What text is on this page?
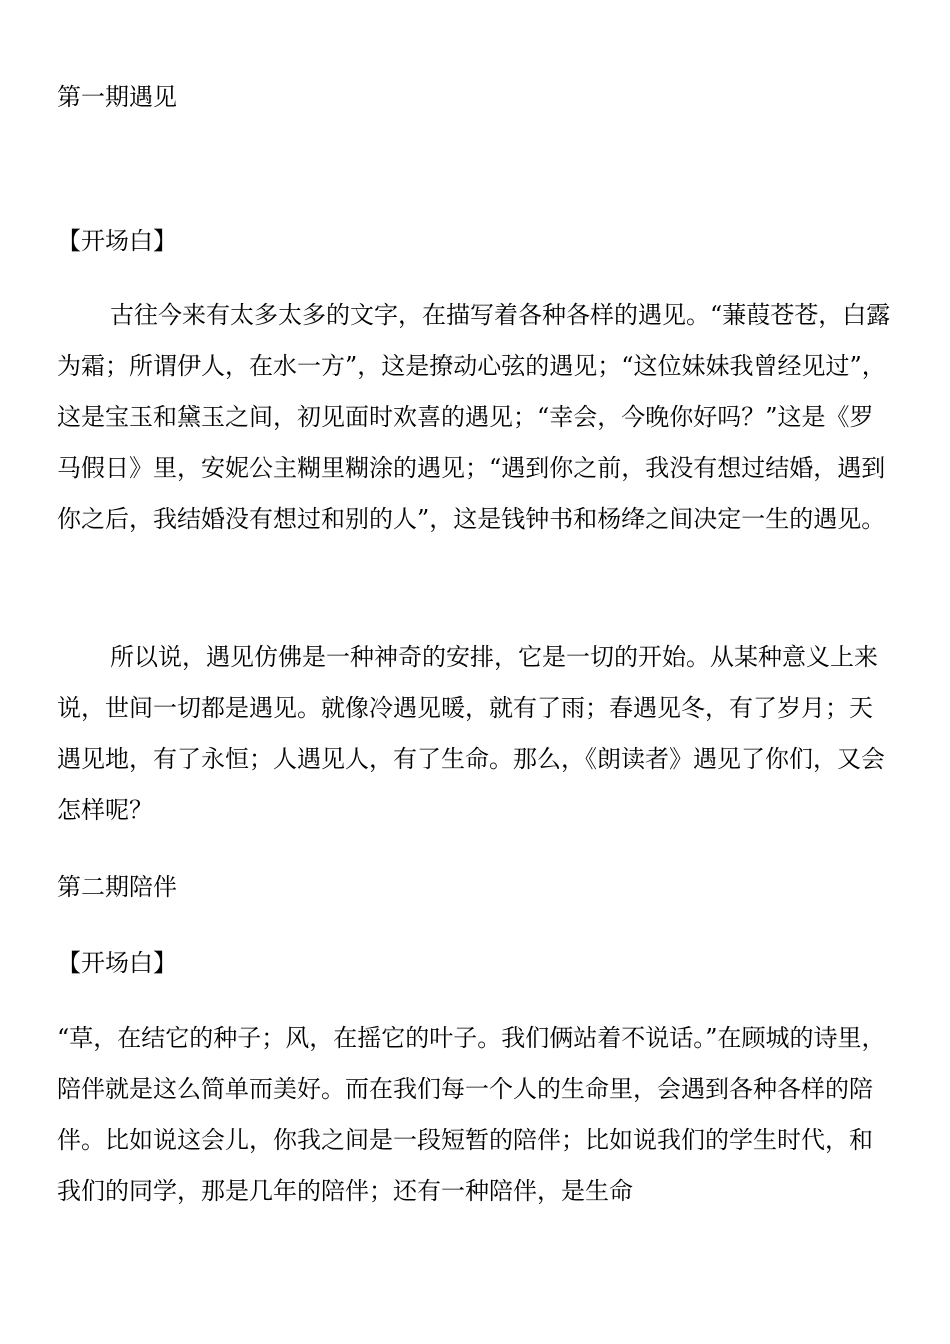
第一期遇见

【开场白】

古往今来有太多太多的文字，在描写着各种各样的遇见。“蒹葭苍苍，白露为霜；所谓伊人，在水一方”，这是撩动心弦的遇见；“这位妹妹我曾经见过”，这是宝玉和黛玉之间，初见面时欢喜的遇见；“幸会，今晚你好吗？”这是《罗马假日》里，安妮公主糊里糊涂的遇见；“遇到你之前，我没有想过结婚，遇到你之后，我结婚没有想过和别的人”，这是钱钟书和杨绛之间决定一生的遇见。

所以说，遇见仿佛是一种神奇的安排，它是一切的开始。从某种意义上来说，世间一切都是遇见。就像冷遇见暖，就有了雨；春遇见冬，有了岁月；天遇见地，有了永恒；人遇见人，有了生命。那么，《朗读者》遇见了你们，又会怎样呢？

第二期陪伴

【开场白】

“草，在结它的种子；风，在摇它的叶子。我们俩站着不说话。”在顾城的诗里，陪伴就是这么简单而美好。而在我们每一个人的生命里，会遇到各种各样的陪伴。比如说这会儿，你我之间是一段短暂的陪伴；比如说我们的学生时代，和我们的同学，那是几年的陪伴；还有一种陪伴，是生命
